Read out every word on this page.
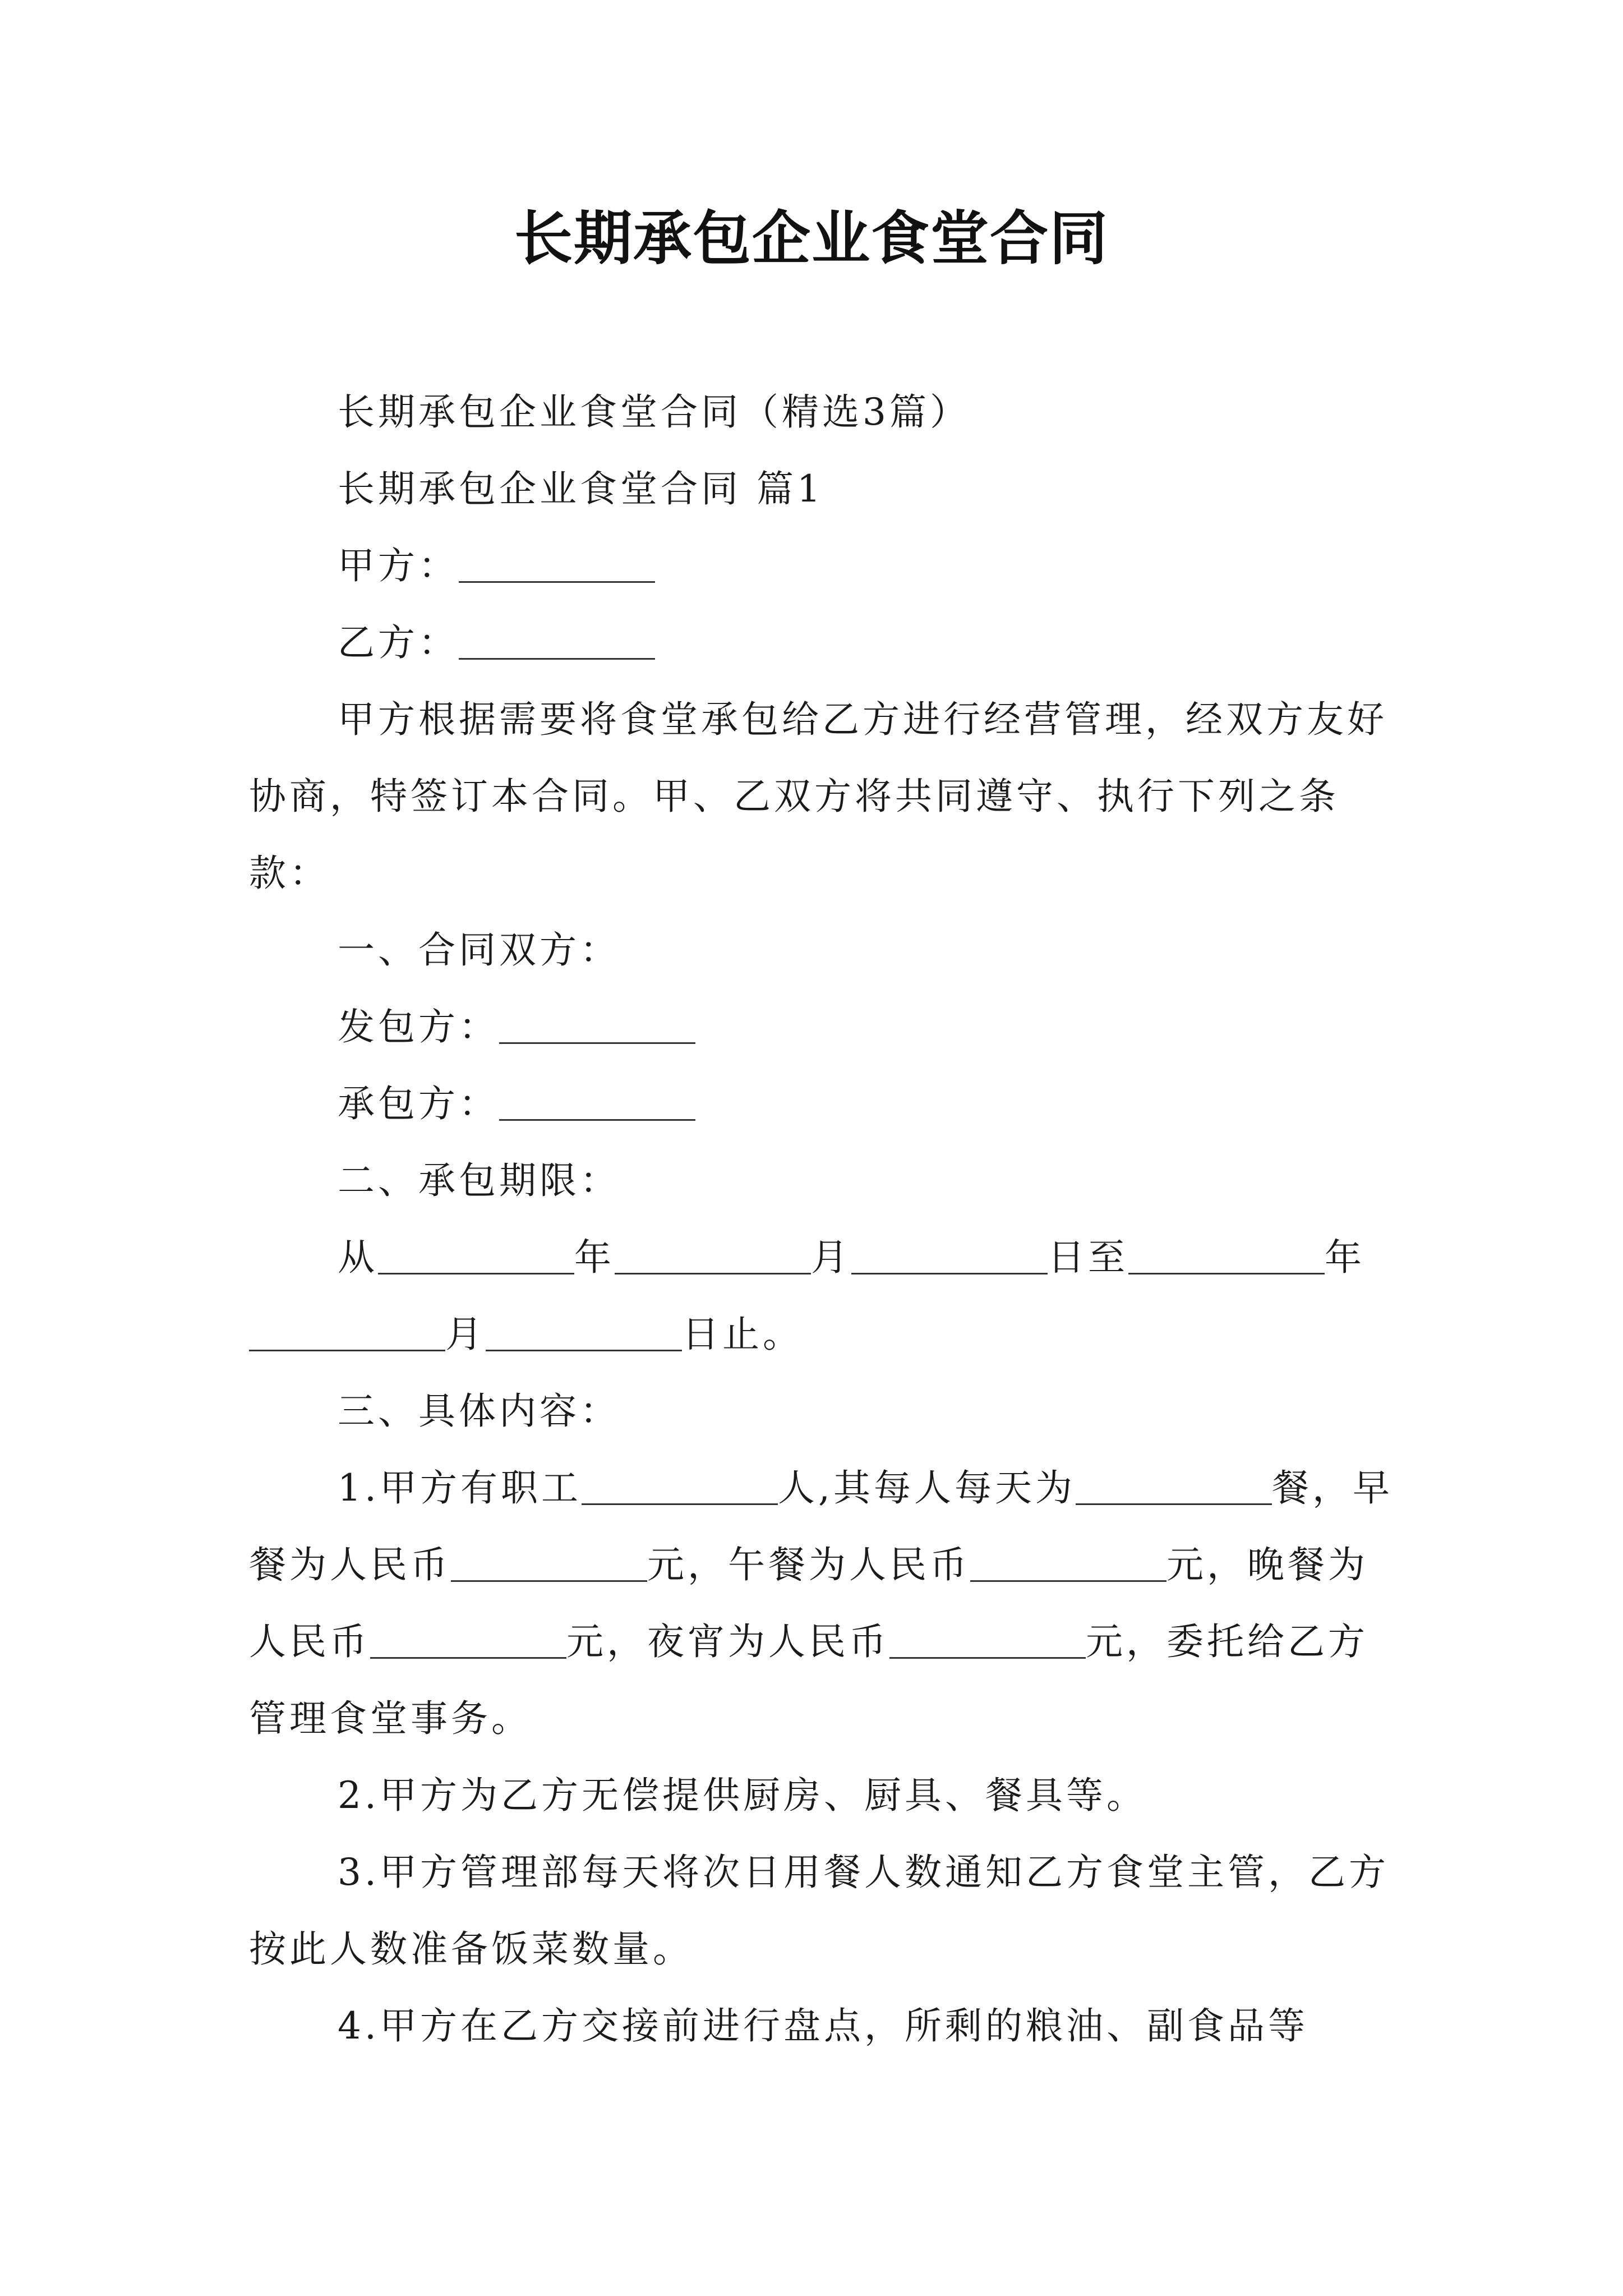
长期承包企业食堂合同

长期承包企业食堂合同（精选3篇）

长期承包企业食堂合同 篇1

甲方：

乙方：

甲方根据需要将食堂承包给乙方进行经营管理，经双方友好协商，特签订本合同。甲、乙双方将共同遵守、执行下列之条款：

一、合同双方：

发包方：

承包方：

二、承包期限：

从	年	月	日至	年月	日止。

三、具体内容：

1.甲方有职工	人,其每人每天为	餐，早餐为人民币	元，午餐为人民币	元，晚餐为人民币	元，夜宵为人民币	元，委托给乙方管理食堂事务。

2.甲方为乙方无偿提供厨房、厨具、餐具等。

3.甲方管理部每天将次日用餐人数通知乙方食堂主管，乙方按此人数准备饭菜数量。

4.甲方在乙方交接前进行盘点，所剩的粮油、副食品等
